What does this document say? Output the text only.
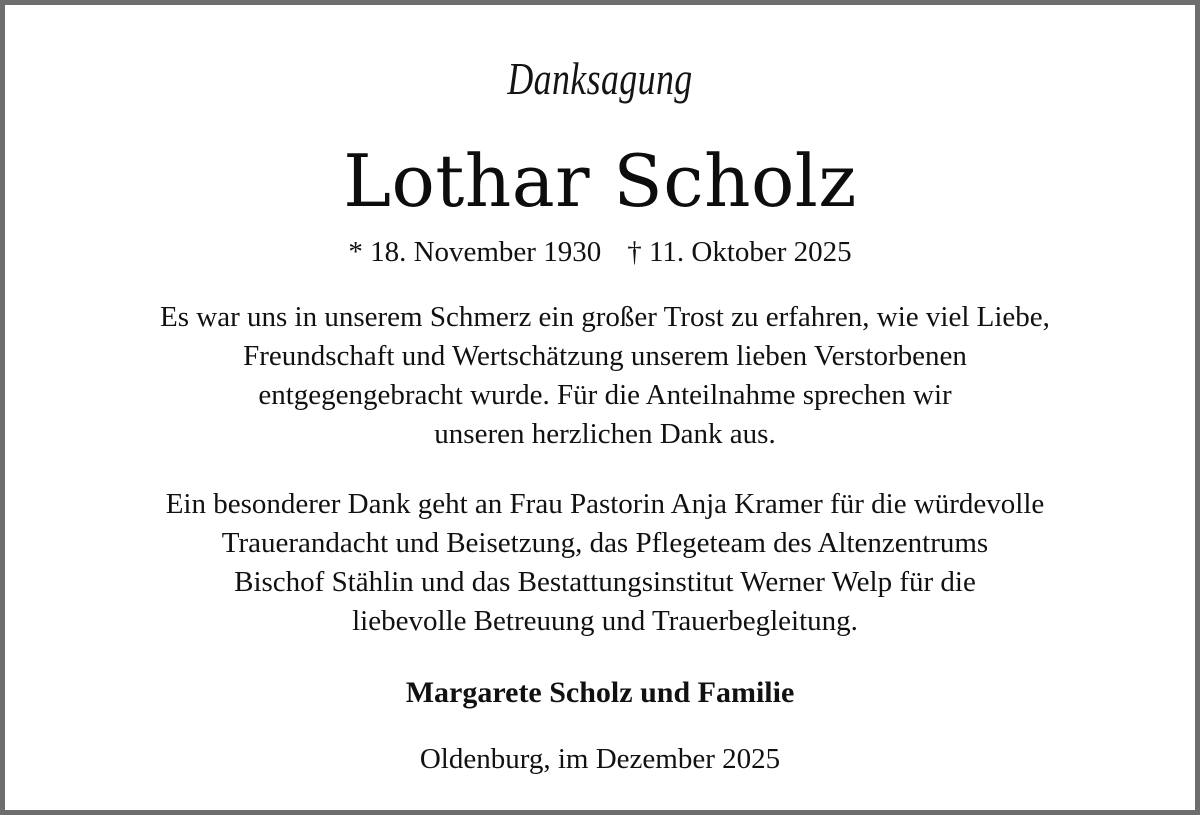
Danksagung
Lothar Scholz
* 18. November 1930 † 11. Oktober 2025

Es war uns in unserem Schmerz ein großer Trost zu erfahren, wie viel Liebe,
Freundschaft und Wertschätzung unserem lieben Verstorbenen
entgegengebracht wurde. Für die Anteilnahme sprechen wir
unseren herzlichen Dank aus.

Ein besonderer Dank geht an Frau Pastorin Anja Kramer für die würdevolle
Trauerandacht und Beisetzung, das Pflegeteam des Altenzentrums
Bischof Stählin und das Bestattungsinstitut Werner Welp für die
liebevolle Betreuung und Trauerbegleitung.

Margarete Scholz und Familie
Oldenburg, im Dezember 2025
